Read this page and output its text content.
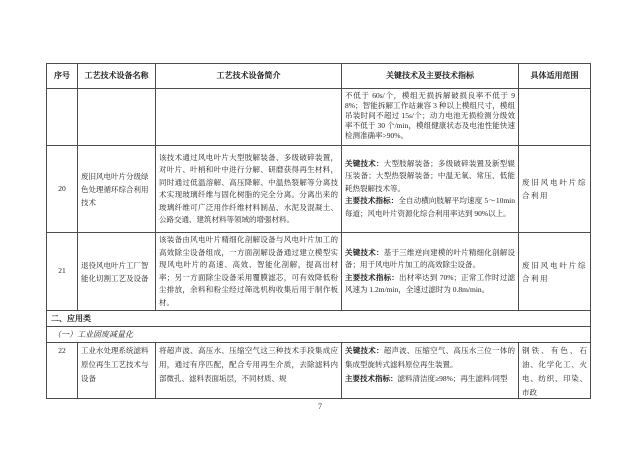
序号	工艺技术设备名称	工艺技术设备简介	关键技术及主要技术指标	具体适用范围

			不低于 60s/个，模组无损拆解破损良率不低于 98%；智能拆解工作站兼容 3 种以上模组尺寸，模组吊装时间不超过 15s/个；动力电池无损检测分级效率不低于 30 个/min，模组健康状态及电池性能快速检测准确率>90%。	

20	废旧风电叶片分级绿色处理循环综合利用技术	该技术通过风电叶片大型肢解装备、多级破碎装置，对叶片、叶梢和叶中进行分解、研磨获得再生材料，同时通过低温溶解、高压降解、中温热裂解等分离技术实现玻璃纤维与固化树脂的完全分离。分离出来的玻璃纤维可广泛用作纤维材料制品、水泥及混凝土、公路交通、建筑材料等领域的增强材料。	关键技术：大型肢解装备；多级破碎装置及新型辊压装备；大型热裂解装备；中温无氧、常压、低能耗热裂解技术等。

主要技术指标：全自动横向肢解平均速度 5～10min 每道；风电叶片资源化综合利用率达到 90%以上。	废旧风电叶片综合利用
21	退役风电叶片工厂智能化切割工艺及设备	该装备由风电叶片精细化剖解设备与风电叶片加工的高效除尘设备组成，一方面剖解设备通过建立模型实现风电叶片的高速、高效、智能化剖解，提高出材率；另一方面除尘设备采用覆膜滤芯，可有效降低粉尘排放，余料和粉尘经过筛选机构收集后用于制作板材。	关键技术：基于三维逆向建模的叶片精细化剖解设备；用于风电叶片加工的高效除尘设备。

主要技术指标：出材率达到 70%；正常工作时过滤风速为 1.2m/min，全速过滤时为 0.8m/min。	废旧风电叶片综合利用
二、应用类				
（一）工业固废减量化				
22	工业水处理系统滤料原位再生工艺技术与设备	将超声波、高压水、压缩空气这三种技术手段集成应用，通过有序匹配，配合专用再生介质，去除滤料内部微孔、滤料表面垢层，不同材质、规	关键技术：超声波、压缩空气、高压水三位一体的集成型旋转式滤料原位再生装置。

主要技术指标：滤料清洁度≥98%；再生滤料/同型	钢铁、有色、石油、化学化工、火电、纺织、印染、市政
7
